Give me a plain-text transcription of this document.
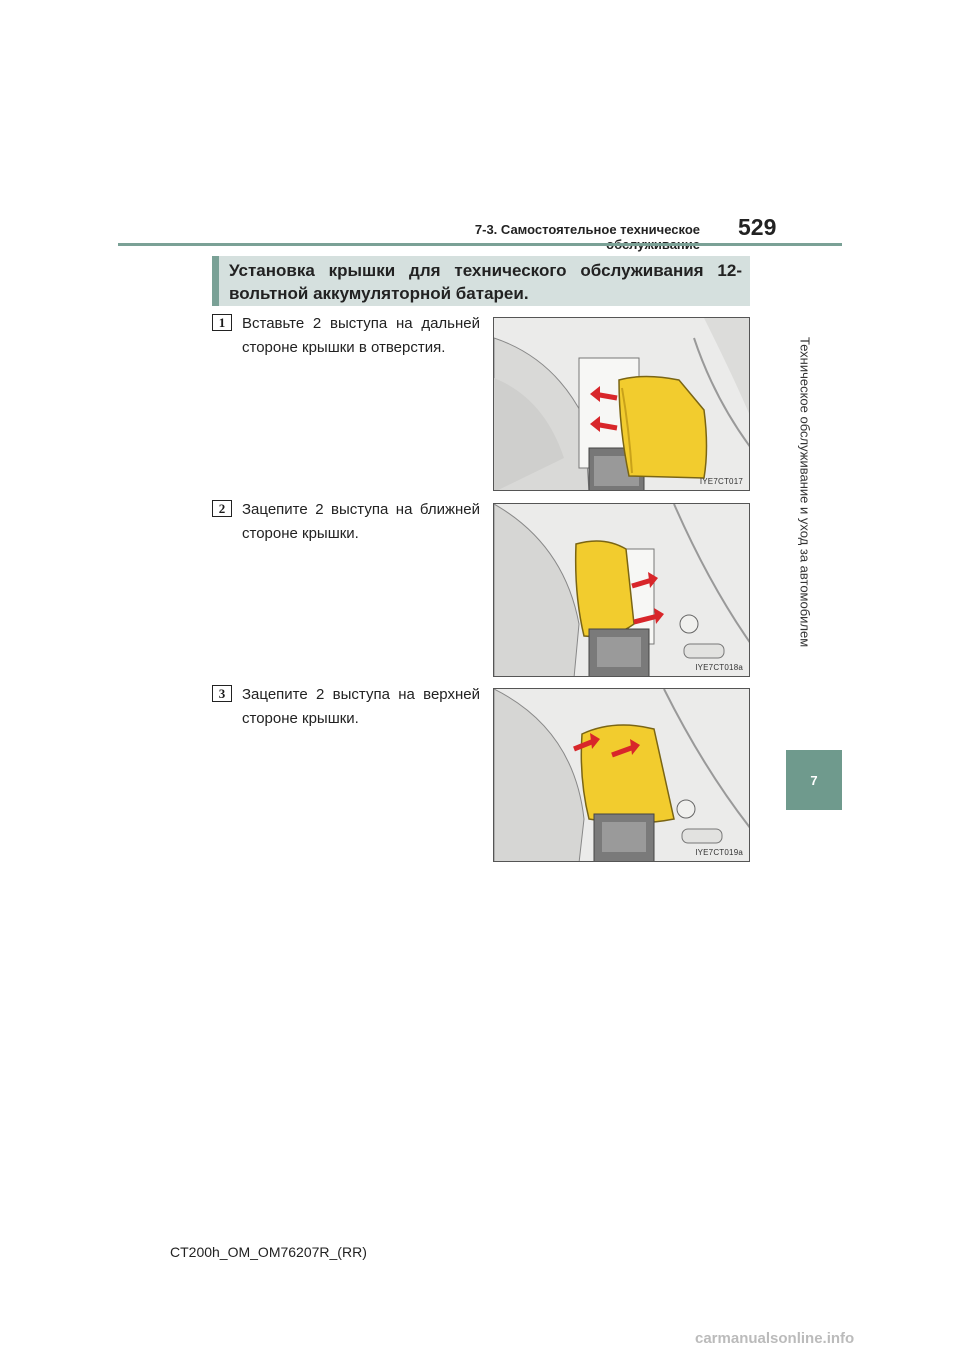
7-3. Самостоятельное техническое 529
Техническое обслуживание и уход за автомобилем
7
Установка крышки для технического обслуживания 12-вольтной аккумуляторной батареи.
1	Вставьте 2 выступа на дальней стороне крышки в отверстия.
IYE7CT017
2	Зацепите 2 выступа на ближней стороне крышки.
IYE7CT018a
3	Зацепите 2 выступа на верхней стороне крышки.
IYE7CT019a
CT200h_OM_OM76207R_(RR)
carmanualsonline.info
